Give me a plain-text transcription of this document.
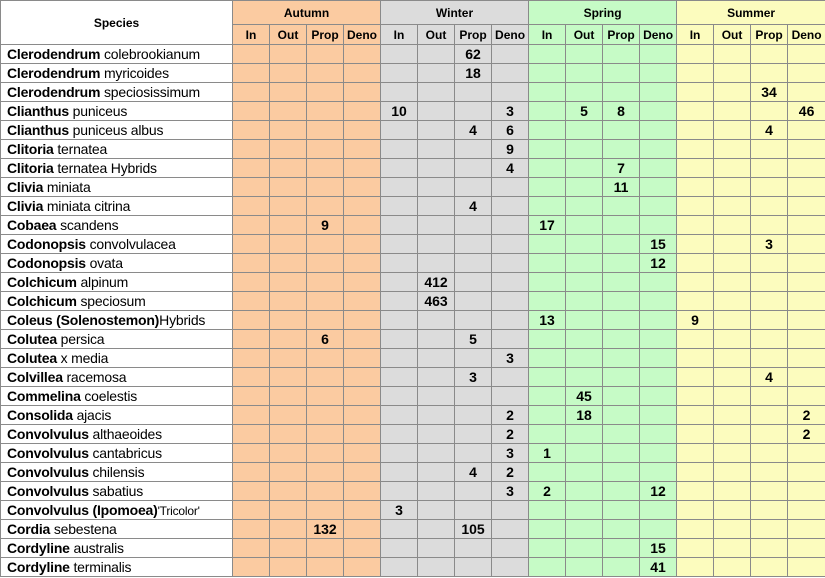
Species	Autumn				Winter				Spring				Summer			
	In	Out	Prop	Deno	In	Out	Prop	Deno	In	Out	Prop	Deno	In	Out	Prop	Deno
Clerodendrum colebrookianum							62									
Clerodendrum myricoides							18									
Clerodendrum speciosissimum															34	
Clianthus puniceus					10			3		5	8					46
Clianthus puniceus albus							4	6							4	
Clitoria ternatea								9								
Clitoria ternatea Hybrids								4			7					
Clivia miniata											11					
Clivia miniata citrina							4									
Cobaea scandens			9						17							
Codonopsis convolvulacea												15			3	
Codonopsis ovata												12				
Colchicum alpinum						412										
Colchicum speciosum						463										
Coleus (Solenostemon)Hybrids									13				9			
Colutea persica			6				5									
Colutea x media								3								
Colvillea racemosa							3								4	
Commelina coelestis										45						
Consolida ajacis								2		18						2
Convolvulus althaeoides								2								2
Convolvulus cantabricus								3	1							
Convolvulus chilensis							4	2								
Convolvulus sabatius								3	2			12				
Convolvulus (Ipomoea)'Tricolor'					3											
Cordia sebestena			132				105									
Cordyline australis												15				
Cordyline terminalis												41				
